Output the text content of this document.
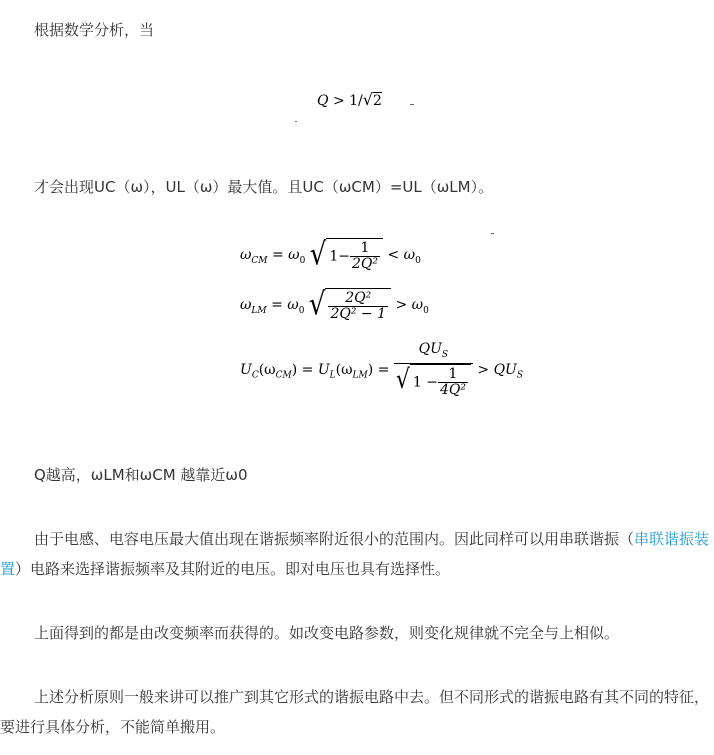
根据数学分析，当
Q > 1/√2
才会出现UC（ω），UL（ω）最大值。且UC（ωCM）=UL（ωLM）。
$\omega_{CM} = \omega_0$ √ $1- \frac{1}{\text{2Q²}} < \omega_0$
$\omega_{LM} = \omega_0$ √ $\frac{\text{2Q²}}{\text{2Q² − 1}} > \omega_0$
$U_C(\omega_{CM}) = U_L(\omega_{LM}) = \frac{QU_S}{√ 1 - \frac{1}{\text{4Q²}}} > QU_S$
Q越高，ωLM和ωCM 越靠近ω0
由于电感、电容电压最大值出现在谐振频率附近很小的范围内。因此同样可以用串联谐振（串联谐振装置）电路来选择谐振频率及其附近的电压。即对电压也具有选择性。
上面得到的都是由改变频率而获得的。如改变电路参数，则变化规律就不完全与上相似。
上述分析原则一般来讲可以推广到其它形式的谐振电路中去。但不同形式的谐振电路有其不同的特征，要进行具体分析，不能简单搬用。
